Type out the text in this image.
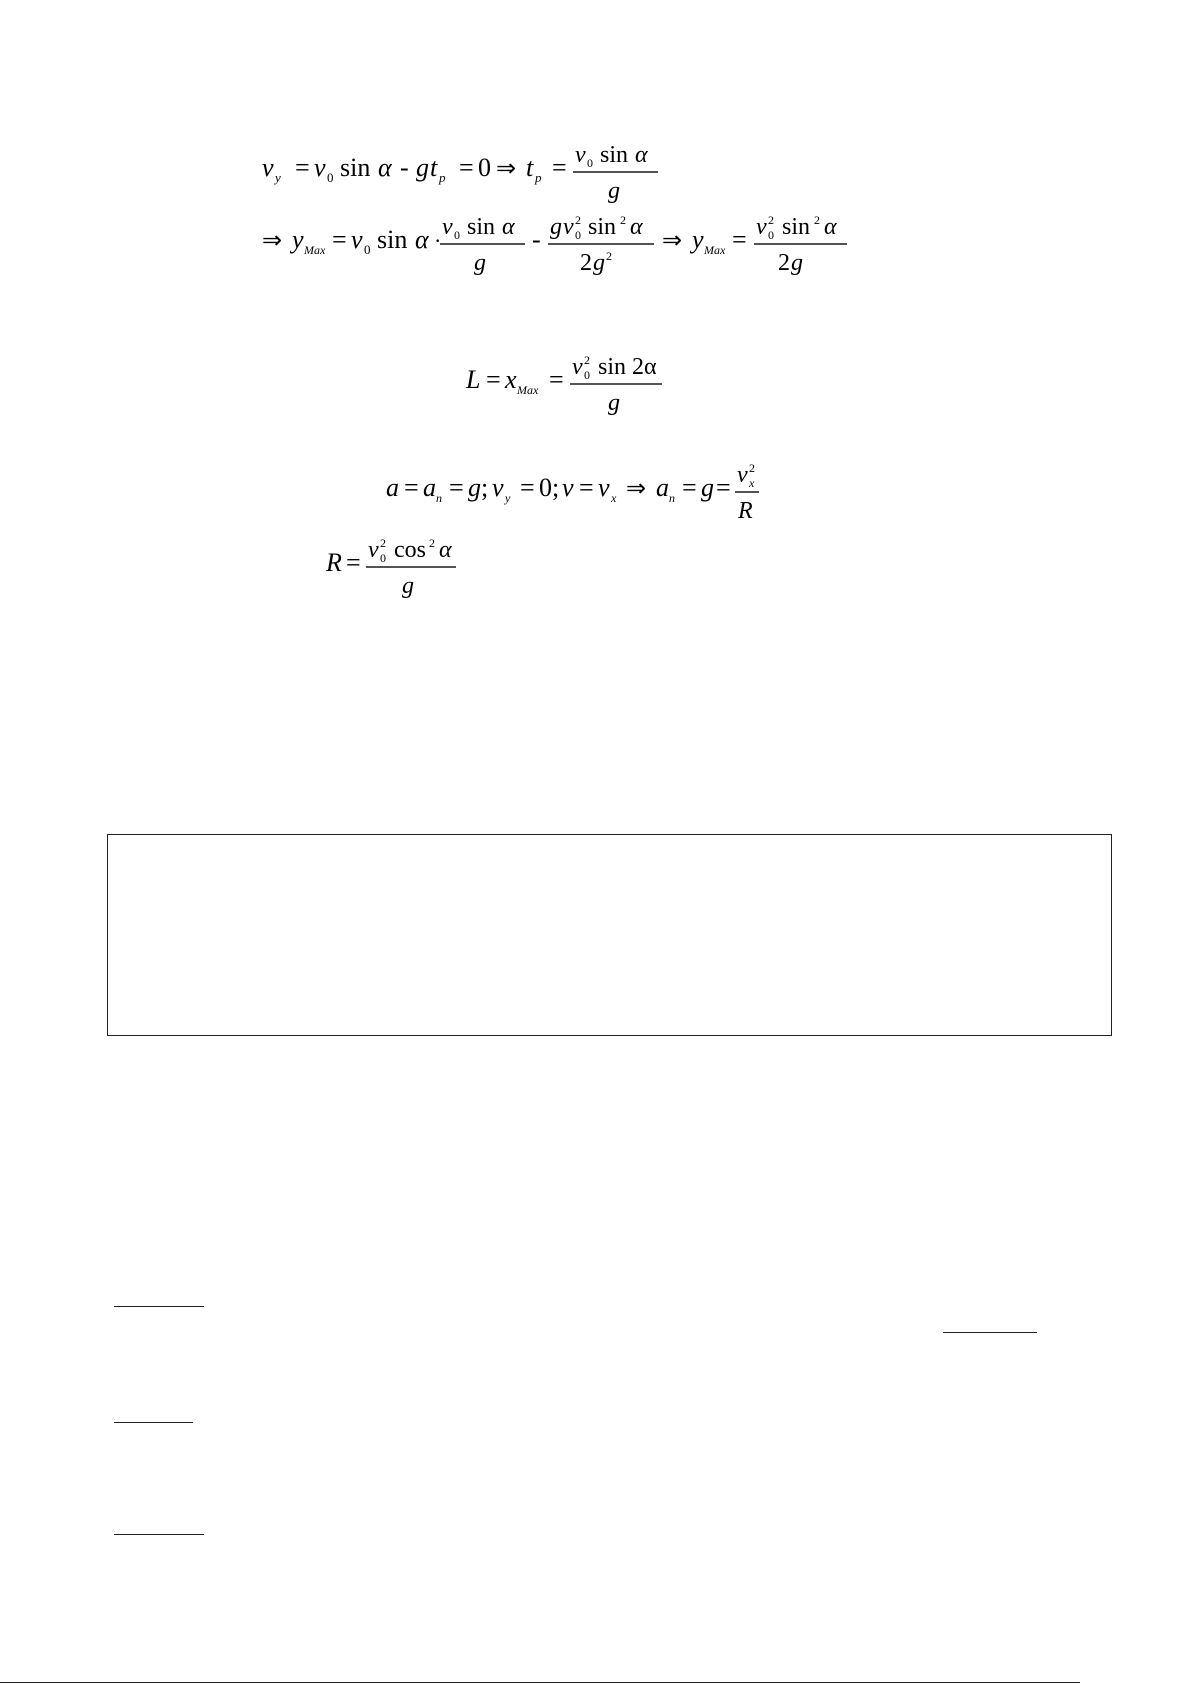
v y = v 0 sin α - g t p = 0 ⇒ t p = v 0 sin α
g
⇒ y Max = v 0 sin α ·
v 0 sin α
g
- g v 2
0 sin 2 α
2 g 2
⇒ y Max = v 2
0 sin 2 α
2 g
L = x Max = v 2
0 sin 2α
g
a = a n = g ; v y = 0 ; v = v x ⇒ a n = g = v 2
x
R
R = v 2
0 cos 2 α
g
